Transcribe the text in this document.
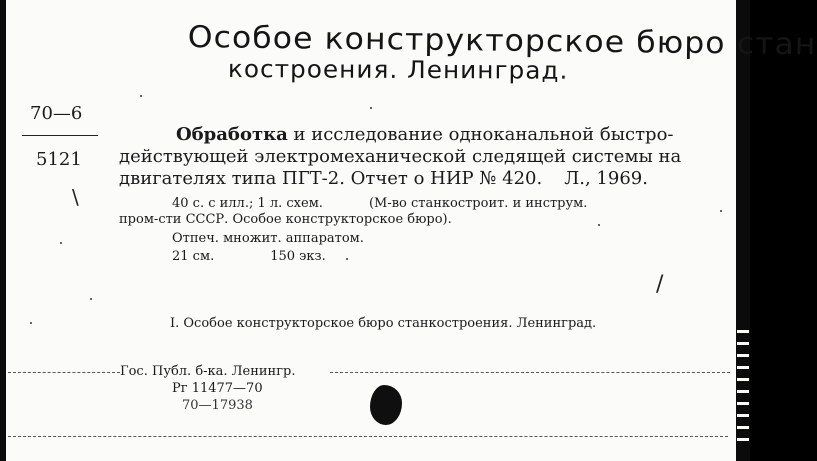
Особое конструкторское бюро стан
костроения. Ленинград.
70—6
5121
Обработка и исследование одноканальной быстро-
действующей электромеханической следящей системы на
двигателях типа ПГТ-2. Отчет о НИР № 420. Л., 1969.
40 с. с илл.; 1 л. схем.	(М-во станкостроит. и инструм.
пром-сти СССР. Особое конструкторское бюро).
Отпеч. множит. аппаратом.
21 см.	150 экз.
I. Особое конструкторское бюро станкостроения. Ленинград.
Гос. Публ. б-ка. Ленингр.
Рг 11477—70
70—17938
\
/
